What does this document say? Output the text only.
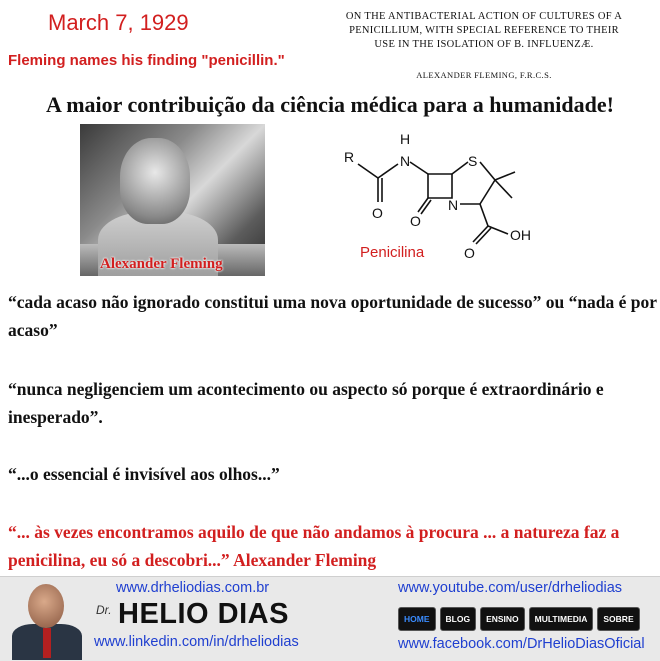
March 7, 1929
Fleming names his finding "penicillin."
ON THE ANTIBACTERIAL ACTION OF CULTURES OF A
PENICILLIUM, WITH SPECIAL REFERENCE TO THEIR
USE IN THE ISOLATION OF B. INFLUENZÆ.
ALEXANDER FLEMING, F.R.C.S.
A maior contribuição da ciência médica para a humanidade!
Alexander Fleming
R
H
N	S
N
O O
O
OH
Penicilina
“cada acaso não ignorado constitui uma nova oportunidade de sucesso” ou “nada é por acaso”
“nunca negligenciem um acontecimento ou aspecto só porque é extraordinário e inesperado”.
“...o essencial é invisível aos olhos...”
“... às vezes encontramos aquilo de que não andamos à procura ... a natureza faz a penicilina, eu só a descobri...” Alexander Fleming
www.drheliodias.com.br
Dr. HELIO DIAS
www.linkedin.com/in/drheliodias
www.youtube.com/user/drheliodias
HOME	BLOG	ENSINO	MULTIMEDIA	SOBRE
www.facebook.com/DrHelioDiasOficial
